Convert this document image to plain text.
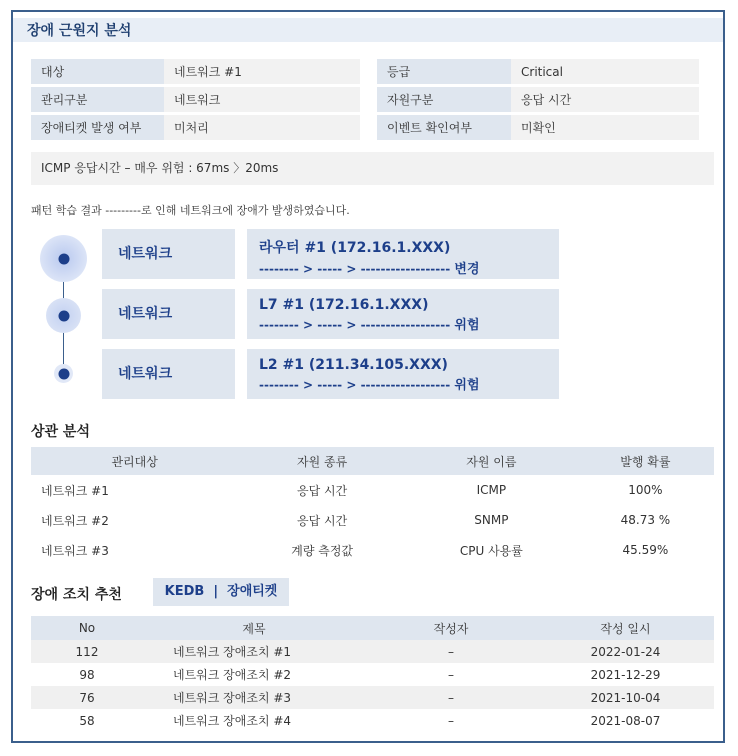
장애 근원지 분석
대상	네트워크 #1		등급	Critical
관리구분	네트워크		자원구분	응답 시간
장애티켓 발생 여부	미처리		이벤트 확인여부	미확인
ICMP 응답시간 – 매우 위험 : 67ms 〉20ms
패턴 학습 결과 ---------로 인해 네트워크에 장애가 발생하였습니다.
네트워크	라우터 #1 (172.16.1.XXX)
-------- > ----- > ------------------ 변경
네트워크
L7 #1 (172.16.1.XXX)
-------- > ----- > ------------------ 위험
네트워크
L2 #1 (211.34.105.XXX)
-------- > ----- > ------------------ 위험
상관 분석
관리대상	자원 종류	자원 이름	발행 확률
네트워크 #1	응답 시간	ICMP	100%
네트워크 #2	응답 시간	SNMP	48.73 %
네트워크 #3	계량 측정값	CPU 사용률	45.59%
장애 조치 추천	KEDB  |  장애티켓
No	제목	작성자	작성 일시
112	네트워크 장애조치 #1	–	2022-01-24
98	네트워크 장애조치 #2	–	2021-12-29
76	네트워크 장애조치 #3	–	2021-10-04
58	네트워크 장애조치 #4	–	2021-08-07
